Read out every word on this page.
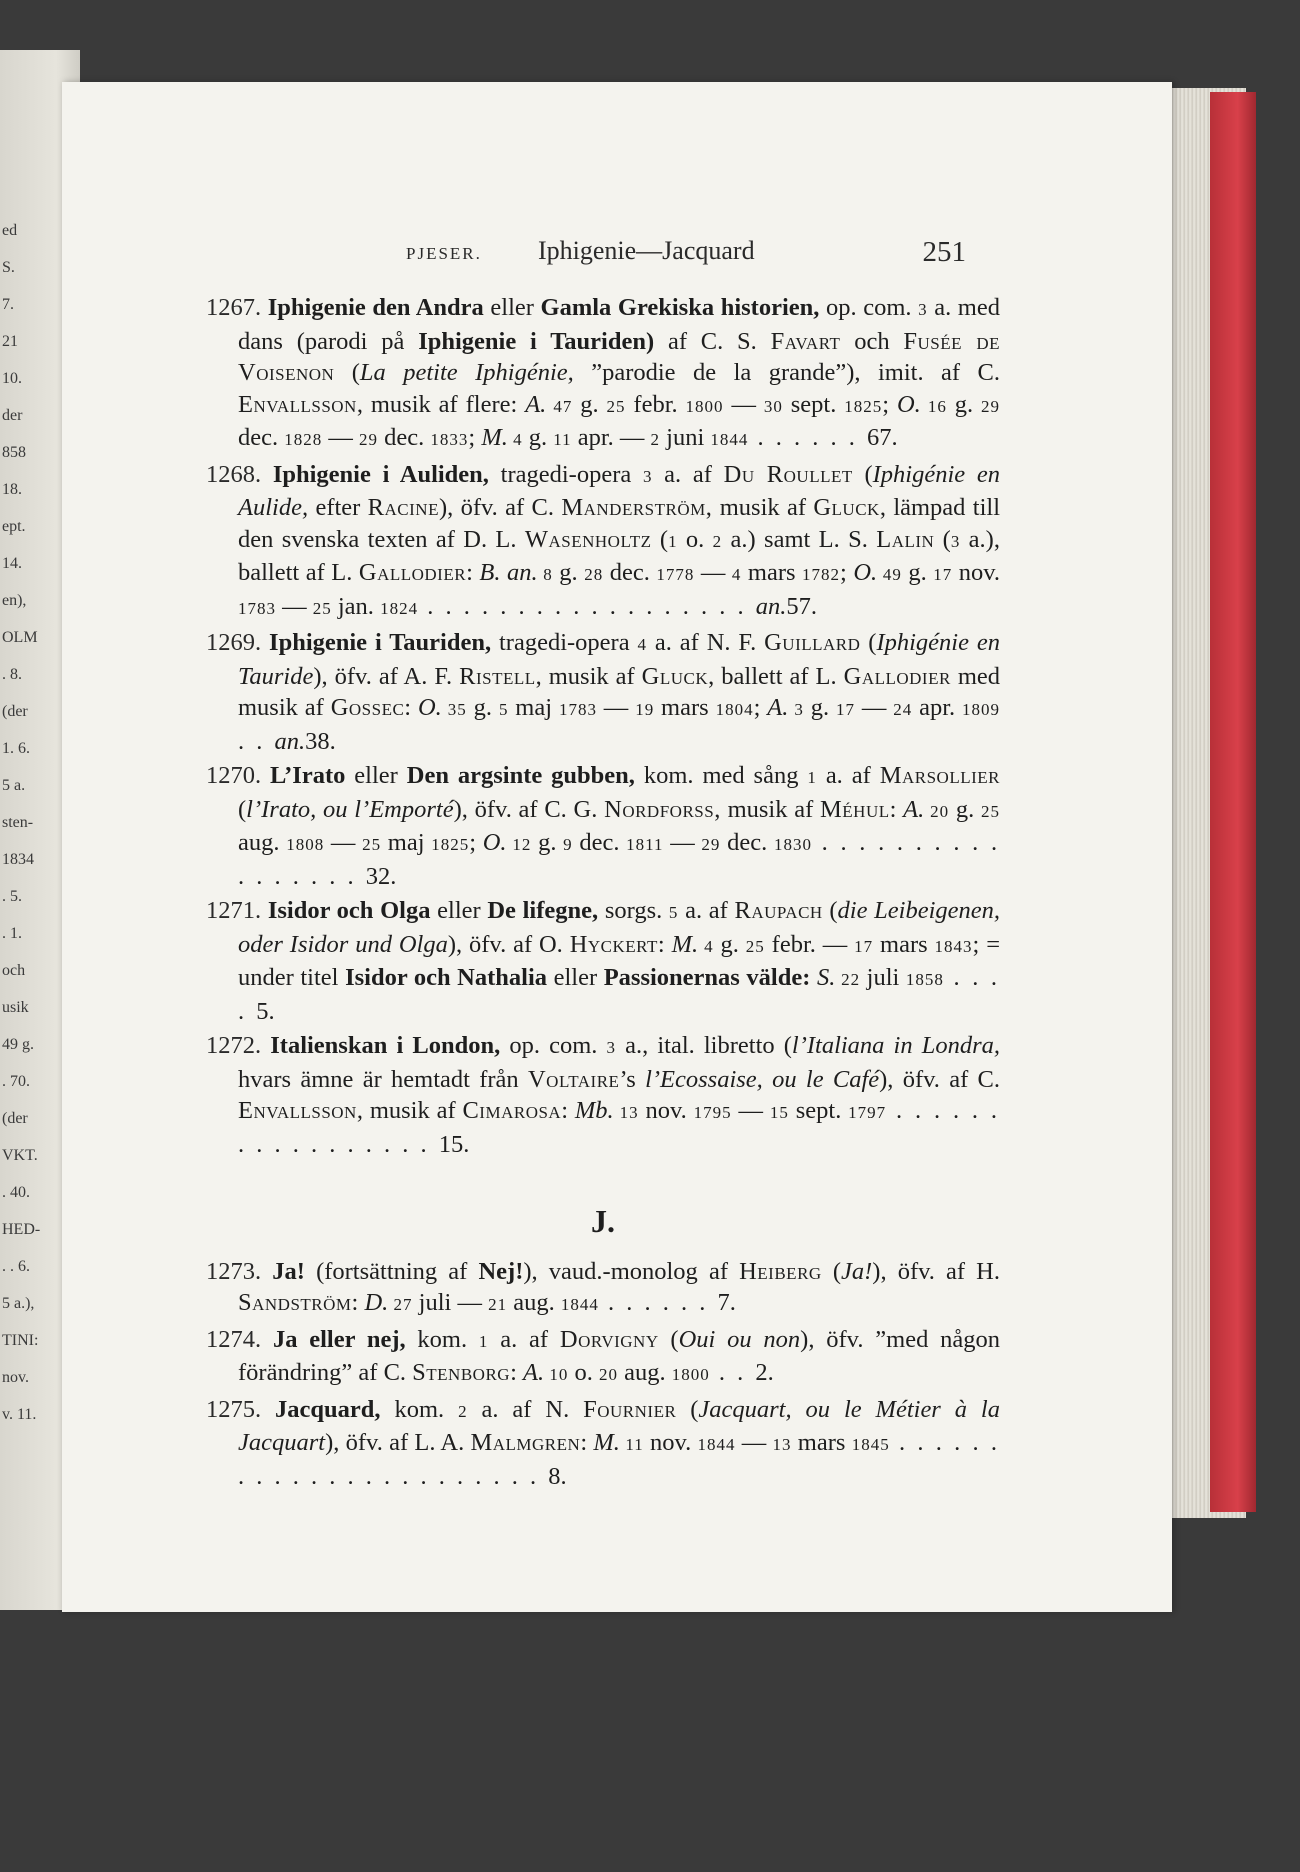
ed
S.
7.
21
10.
der
858
18.
ept.
14.
en),
OLM
. 8.
(der
1. 6.
5 a.
sten-
1834
. 5.
. 1.
och
usik
49 g.
. 70.
(der
VKT.
. 40.
HED-
. . 6.
5 a.),
TINI:
nov.
v. 11.
PJESER. Iphigenie—Jacquard	251

1267. Iphigenie den Andra eller Gamla Grekiska historien, op. com. 3 a. med dans (parodi på Iphigenie i Tauriden) af C. S. Favart och Fusée de Voisenon (La petite Iphigénie, ”parodie de la grande”), imit. af C. Envallsson, musik af flere: A. 47 g. 25 febr. 1800 — 30 sept. 1825; O. 16 g. 29 dec. 1828 — 29 dec. 1833; M. 4 g. 11 apr. — 2 juni 1844 . . . . . . 67.

1268. Iphigenie i Auliden, tragedi-opera 3 a. af Du Roullet (Iphigénie en Aulide, efter Racine), öfv. af C. Manderström, musik af Gluck, lämpad till den svenska texten af D. L. Wasenholtz (1 o. 2 a.) samt L. S. Lalin (3 a.), ballett af L. Gallodier: B. an. 8 g. 28 dec. 1778 — 4 mars 1782; O. 49 g. 17 nov. 1783 — 25 jan. 1824 . . . . . . . . . . . . . . . . . . an.57.

1269. Iphigenie i Tauriden, tragedi-opera 4 a. af N. F. Guillard (Iphigénie en Tauride), öfv. af A. F. Ristell, musik af Gluck, ballett af L. Gallodier med musik af Gossec: O. 35 g. 5 maj 1783 — 19 mars 1804; A. 3 g. 17 — 24 apr. 1809 . . an.38.

1270. L’Irato eller Den argsinte gubben, kom. med sång 1 a. af Marsollier (l’Irato, ou l’Emporté), öfv. af C. G. Nordforss, musik af Méhul: A. 20 g. 25 aug. 1808 — 25 maj 1825; O. 12 g. 9 dec. 1811 — 29 dec. 1830 . . . . . . . . . . . . . . . . . 32.

1271. Isidor och Olga eller De lifegne, sorgs. 5 a. af Raupach (die Leibeigenen, oder Isidor und Olga), öfv. af O. Hyckert: M. 4 g. 25 febr. — 17 mars 1843; = under titel Isidor och Nathalia eller Passionernas välde: S. 22 juli 1858 . . . . 5.

1272. Italienskan i London, op. com. 3 a., ital. libretto (l’Italiana in Londra, hvars ämne är hemtadt från Voltaire’s l’Ecossaise, ou le Café), öfv. af C. Envallsson, musik af Cimarosa: Mb. 13 nov. 1795 — 15 sept. 1797 . . . . . . . . . . . . . . . . . 15.

J.

1273. Ja! (fortsättning af Nej!), vaud.-monolog af Heiberg (Ja!), öfv. af H. Sandström: D. 27 juli — 21 aug. 1844 . . . . . . 7.

1274. Ja eller nej, kom. 1 a. af Dorvigny (Oui ou non), öfv. ”med någon förändring” af C. Stenborg: A. 10 o. 20 aug. 1800 . . 2.

1275. Jacquard, kom. 2 a. af N. Fournier (Jacquart, ou le Métier à la Jacquart), öfv. af L. A. Malmgren: M. 11 nov. 1844 — 13 mars 1845 . . . . . . . . . . . . . . . . . . . . . . . 8.
